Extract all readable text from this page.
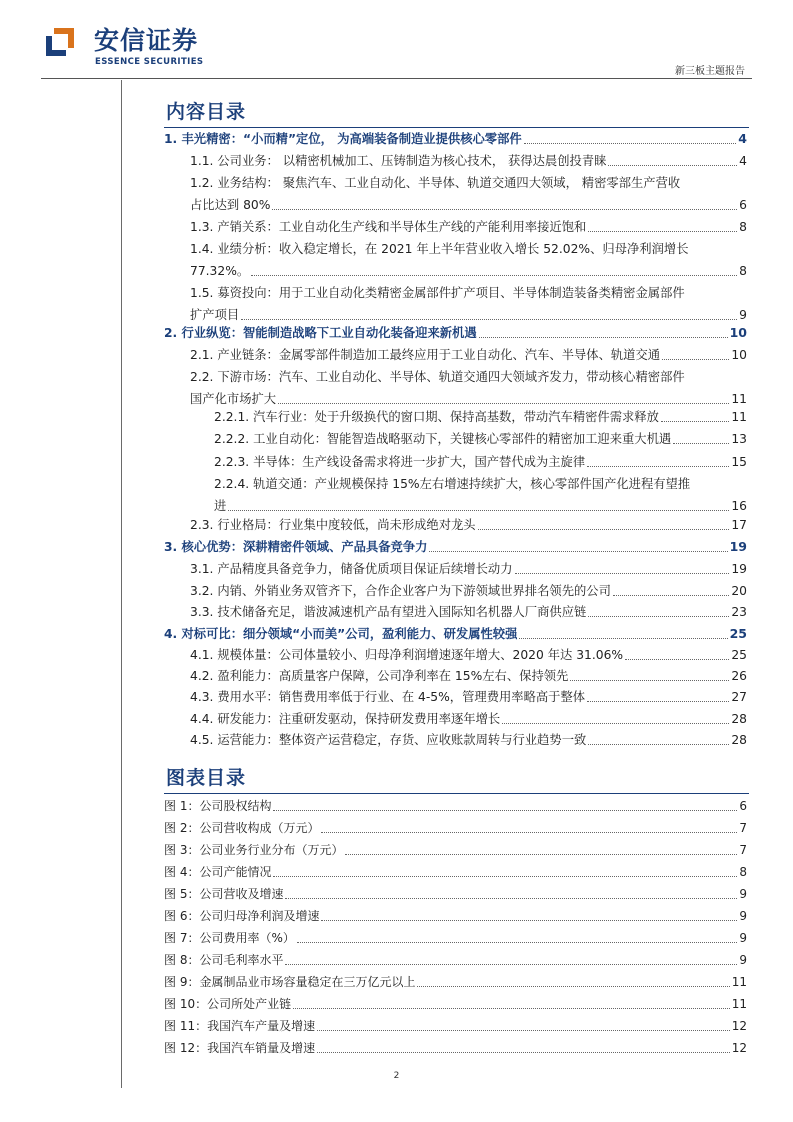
安信证券
ESSENCE SECURITIES
新三板主题报告
内容目录
1. 丰光精密：“小而精”定位， 为高端装备制造业提供核心零部件	4
1.1. 公司业务： 以精密机械加工、压铸制造为核心技术， 获得达晨创投青睐	4
1.2. 业务结构： 聚焦汽车、工业自动化、半导体、轨道交通四大领域， 精密零部生产营收
占比达到 80%	6
1.3. 产销关系：工业自动化生产线和半导体生产线的产能利用率接近饱和	8
1.4. 业绩分析：收入稳定增长，在 2021 年上半年营业收入增长 52.02%、归母净利润增长
77.32%。	8
1.5. 募资投向：用于工业自动化类精密金属部件扩产项目、半导体制造装备类精密金属部件
扩产项目	9
2. 行业纵览：智能制造战略下工业自动化装备迎来新机遇	10
2.1. 产业链条：金属零部件制造加工最终应用于工业自动化、汽车、半导体、轨道交通	10
2.2. 下游市场：汽车、工业自动化、半导体、轨道交通四大领域齐发力，带动核心精密部件
国产化市场扩大	11
2.2.1. 汽车行业：处于升级换代的窗口期、保持高基数，带动汽车精密件需求释放	11
2.2.2. 工业自动化：智能智造战略驱动下，关键核心零部件的精密加工迎来重大机遇	13
2.2.3. 半导体：生产线设备需求将进一步扩大，国产替代成为主旋律	15
2.2.4. 轨道交通：产业规模保持 15%左右增速持续扩大，核心零部件国产化进程有望推
进	16
2.3. 行业格局：行业集中度较低，尚未形成绝对龙头	17
3. 核心优势：深耕精密件领域、产品具备竞争力	19
3.1. 产品精度具备竞争力，储备优质项目保证后续增长动力	19
3.2. 内销、外销业务双管齐下，合作企业客户为下游领域世界排名领先的公司	20
3.3. 技术储备充足，谐波减速机产品有望进入国际知名机器人厂商供应链	23
4. 对标可比：细分领域“小而美”公司，盈利能力、研发属性较强	25
4.1. 规模体量：公司体量较小、归母净利润增速逐年增大、2020 年达 31.06%	25
4.2. 盈利能力：高质量客户保障，公司净利率在 15%左右、保持领先	26
4.3. 费用水平：销售费用率低于行业、在 4-5%，管理费用率略高于整体	27
4.4. 研发能力：注重研发驱动，保持研发费用率逐年增长	28
4.5. 运营能力：整体资产运营稳定，存货、应收账款周转与行业趋势一致	28
图表目录
图 1：公司股权结构	6
图 2：公司营收构成（万元）	7
图 3：公司业务行业分布（万元）	7
图 4：公司产能情况	8
图 5：公司营收及增速	9
图 6：公司归母净利润及增速	9
图 7：公司费用率（%）	9
图 8：公司毛利率水平	9
图 9：金属制品业市场容量稳定在三万亿元以上	11
图 10：公司所处产业链	11
图 11：我国汽车产量及增速	12
图 12：我国汽车销量及增速	12
2
